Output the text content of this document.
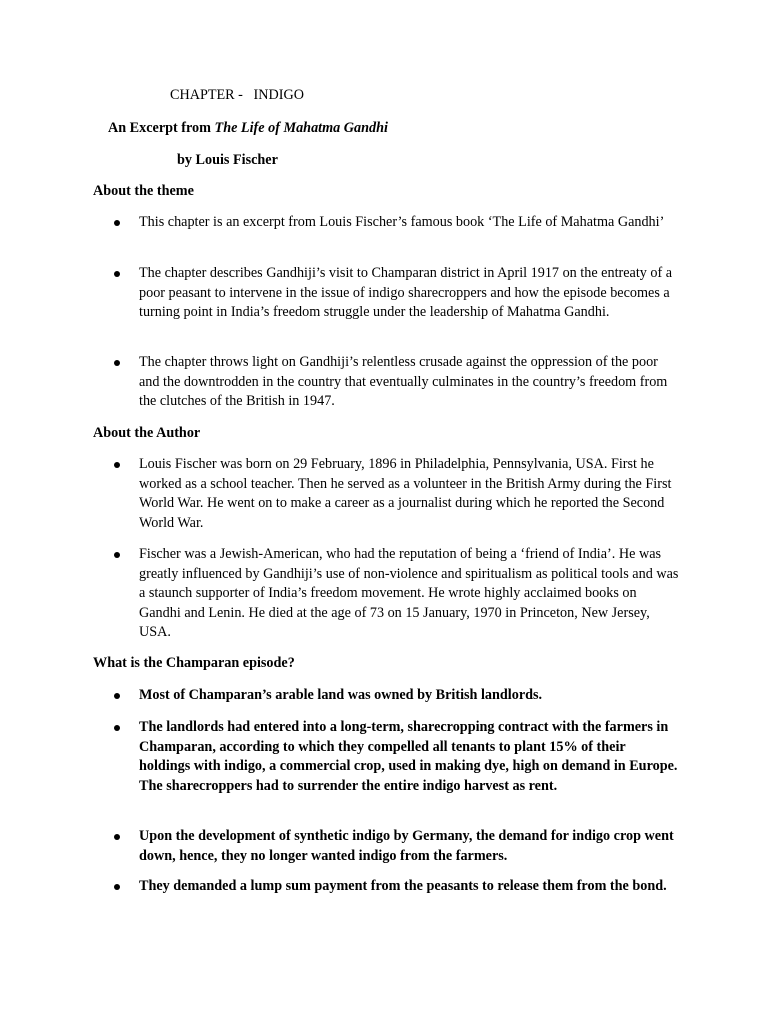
CHAPTER -   INDIGO
An Excerpt from The Life of Mahatma Gandhi
by Louis Fischer
About the theme
This chapter is an excerpt from Louis Fischer’s famous book ‘The Life of Mahatma Gandhi’
The chapter describes Gandhiji’s visit to Champaran district in April 1917 on the entreaty of a poor peasant to intervene in the issue of indigo sharecroppers and how the episode becomes a turning point in India’s freedom struggle under the leadership of Mahatma Gandhi.
The chapter throws light on Gandhiji’s relentless crusade against the oppression of the poor and the downtrodden in the country that eventually culminates in the country’s freedom from the clutches of the British in 1947.
About the Author
Louis Fischer was born on 29 February, 1896 in Philadelphia, Pennsylvania, USA. First he worked as a school teacher. Then he served as a volunteer in the British Army during the First World War. He went on to make a career as a journalist during which he reported the Second World War.
Fischer was a Jewish-American, who had the reputation of being a ‘friend of India’. He was greatly influenced by Gandhiji’s use of non-violence and spiritualism as political tools and was a staunch supporter of India’s freedom movement. He wrote highly acclaimed books on Gandhi and Lenin. He died at the age of 73 on 15 January, 1970 in Princeton, New Jersey, USA.
What is the Champaran episode?
Most of Champaran’s arable land was owned by British landlords.
The landlords had entered into a long-term, sharecropping contract with the farmers in Champaran, according to which they compelled all tenants to plant 15% of their holdings with indigo, a commercial crop, used in making dye, high on demand in Europe. The sharecroppers had to surrender the entire indigo harvest as rent.
Upon the development of synthetic indigo by Germany, the demand for indigo crop went down, hence, they no longer wanted indigo from the farmers.
They demanded a lump sum payment from the peasants to release them from the bond.
